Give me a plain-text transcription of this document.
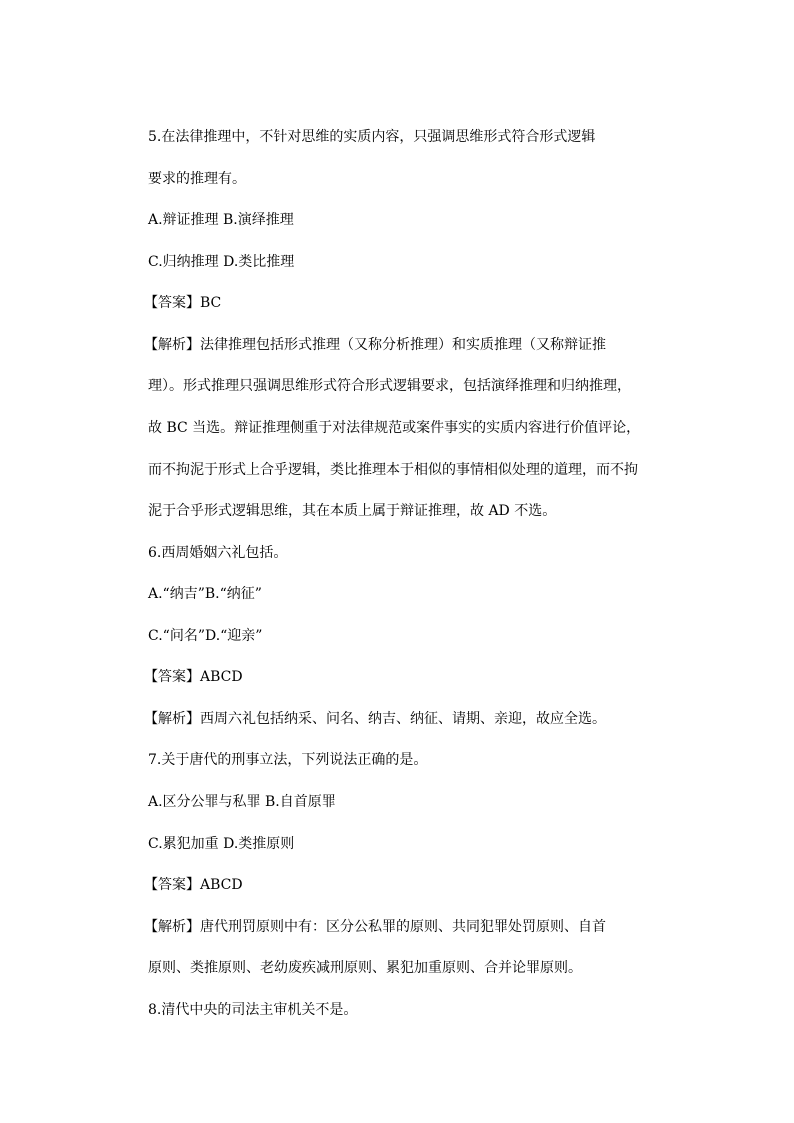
5.在法律推理中，不针对思维的实质内容，只强调思维形式符合形式逻辑
要求的推理有。
A.辩证推理 B.演绎推理
C.归纳推理 D.类比推理
【答案】BC
【解析】法律推理包括形式推理（又称分析推理）和实质推理（又称辩证推
理）。形式推理只强调思维形式符合形式逻辑要求，包括演绎推理和归纳推理，
故 BC 当选。辩证推理侧重于对法律规范或案件事实的实质内容进行价值评论，
而不拘泥于形式上合乎逻辑，类比推理本于相似的事情相似处理的道理，而不拘
泥于合乎形式逻辑思维，其在本质上属于辩证推理，故 AD 不选。
6.西周婚姻六礼包括。
A.“纳吉”B.“纳征”
C.“问名”D.“迎亲”
【答案】ABCD
【解析】西周六礼包括纳采、问名、纳吉、纳征、请期、亲迎，故应全选。
7.关于唐代的刑事立法，下列说法正确的是。
A.区分公罪与私罪 B.自首原罪
C.累犯加重 D.类推原则
【答案】ABCD
【解析】唐代刑罚原则中有：区分公私罪的原则、共同犯罪处罚原则、自首
原则、类推原则、老幼废疾减刑原则、累犯加重原则、合并论罪原则。
8.清代中央的司法主审机关不是。
